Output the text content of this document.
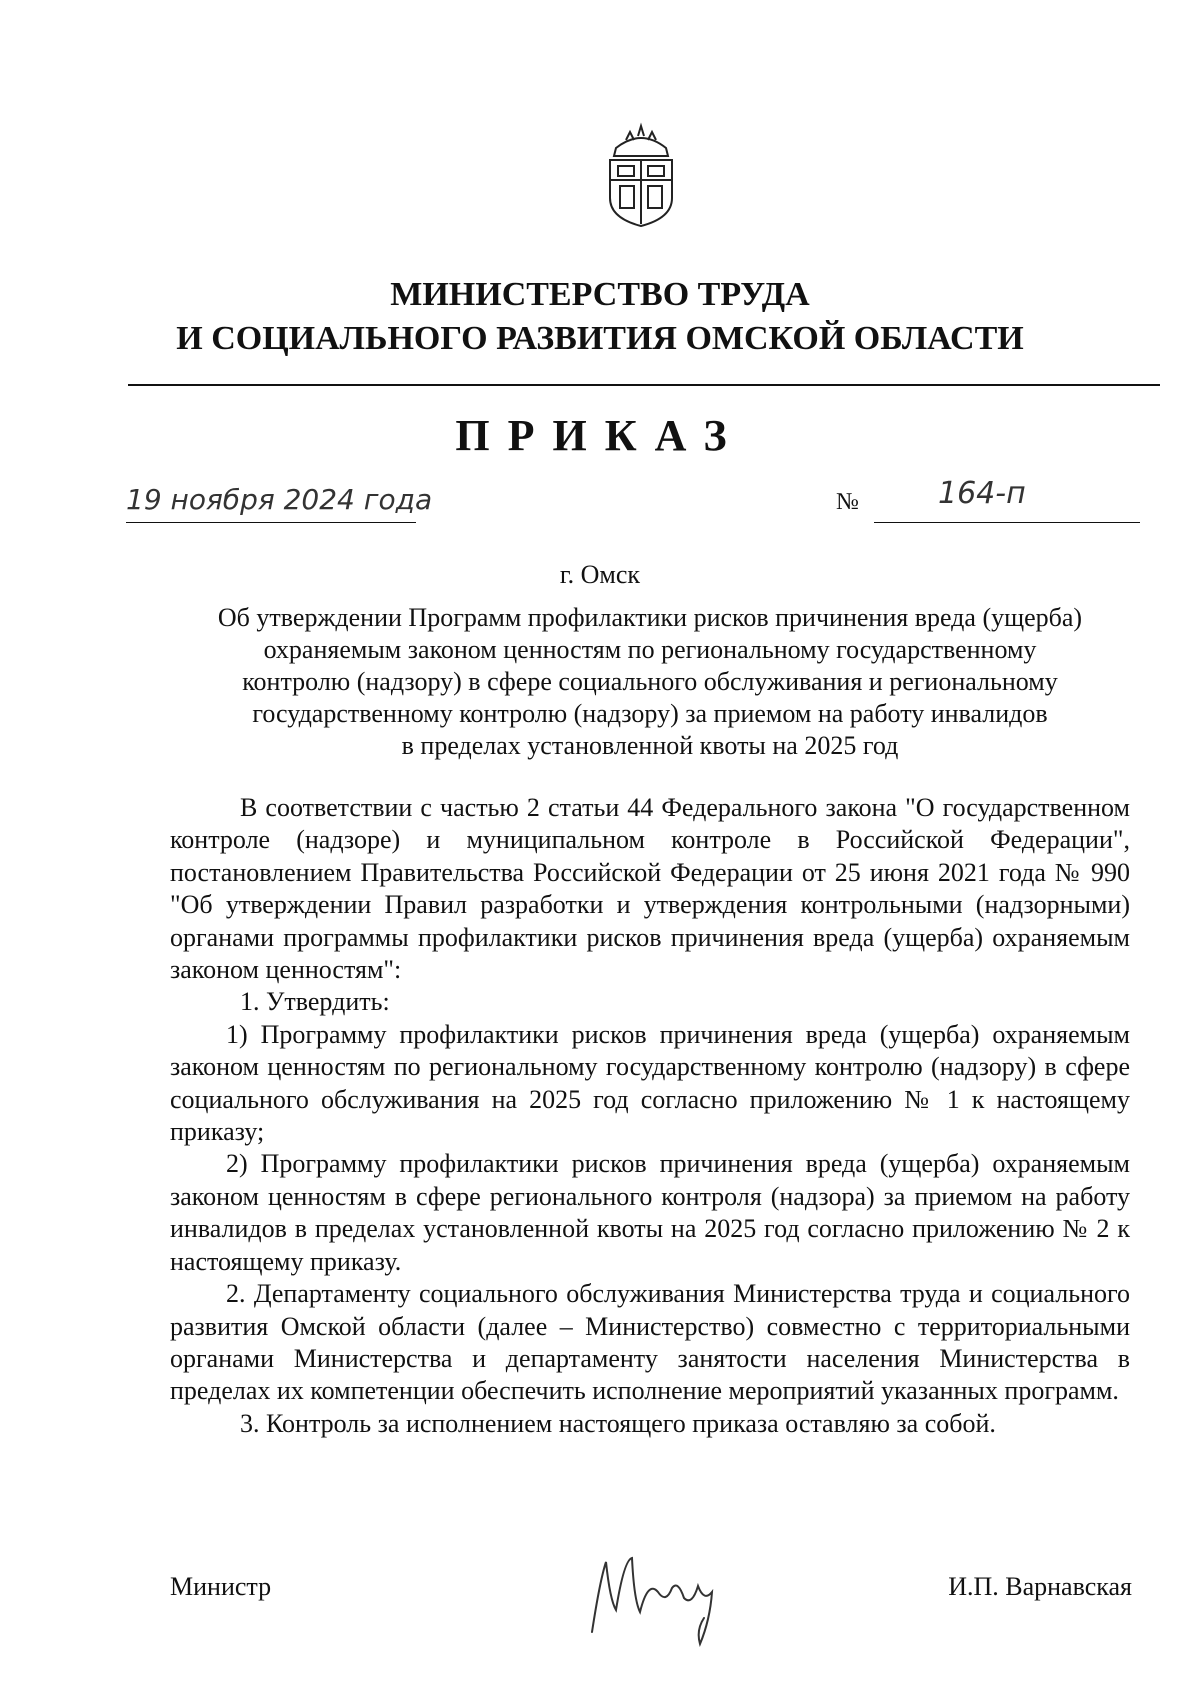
МИНИСТЕРСТВО ТРУДА
И СОЦИАЛЬНОГО РАЗВИТИЯ ОМСКОЙ ОБЛАСТИ
ПРИКАЗ
19 ноября 2024 года	№	164-п
г. Омск
Об утверждении Программ профилактики рисков причинения вреда (ущерба)
охраняемым законом ценностям по региональному государственному
контролю (надзору) в сфере социального обслуживания и региональному
государственному контролю (надзору) за приемом на работу инвалидов
в пределах установленной квоты на 2025 год

В соответствии с частью 2 статьи 44 Федерального закона "О государственном контроле (надзоре) и муниципальном контроле в Российской Федерации", постановлением Правительства Российской Федерации от 25 июня 2021 года № 990 "Об утверждении Правил разработки и утверждения контрольными (надзорными) органами программы профилактики рисков причинения вреда (ущерба) охраняемым законом ценностям":

1. Утвердить:

1) Программу профилактики рисков причинения вреда (ущерба) охраняемым законом ценностям по региональному государственному контролю (надзору) в сфере социального обслуживания на 2025 год согласно приложению № 1 к настоящему приказу;

2) Программу профилактики рисков причинения вреда (ущерба) охраняемым законом ценностям в сфере регионального контроля (надзора) за приемом на работу инвалидов в пределах установленной квоты на 2025 год согласно приложению № 2 к настоящему приказу.

2. Департаменту социального обслуживания Министерства труда и социального развития Омской области (далее – Министерство) совместно с территориальными органами Министерства и департаменту занятости населения Министерства в пределах их компетенции обеспечить исполнение мероприятий указанных программ.

3. Контроль за исполнением настоящего приказа оставляю за собой.

Министр	И.П. Варнавская
